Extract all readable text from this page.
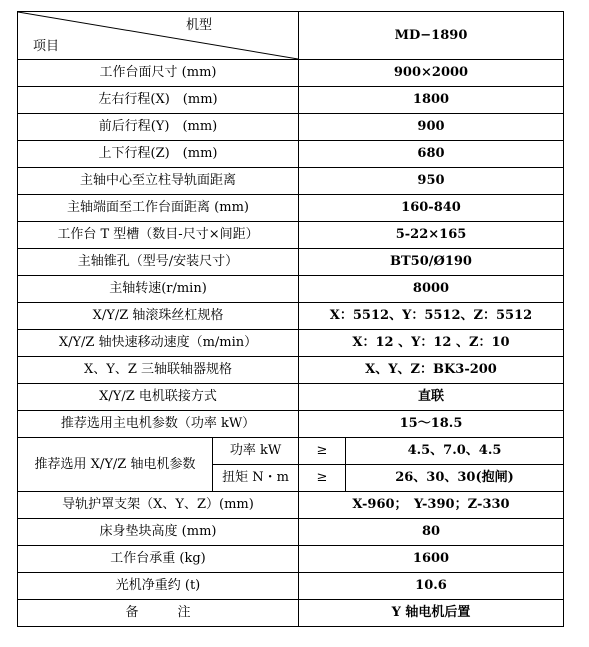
机型
项目		MD−1890	
工作台面尺寸 (mm)		900×2000	
左右行程(X)　(mm)		1800	
前后行程(Y)　(mm)		900	
上下行程(Z)　(mm)		680	
主轴中心至立柱导轨面距离		950	
主轴端面至工作台面距离 (mm)		160-840	
工作台 T 型槽（数目-尺寸×间距）		5-22×165	
主轴锥孔（型号/安装尺寸）		BT50/Ø190	
主轴转速(r/min)		8000	
X/Y/Z 轴滚珠丝杠规格		X：5512、Y：5512、Z：5512	
X/Y/Z 轴快速移动速度（m/min）		X：12 、Y：12 、Z：10	
X、Y、Z 三轴联轴器规格		X、Y、Z：BK3-200	
X/Y/Z 电机联接方式		直联	
推荐选用主电机参数（功率 kW）		15～18.5	
推荐选用 X/Y/Z 轴电机参数	功率 kW	≥	4.5、7.0、4.5
	扭矩 N・m	≥	26、30、30(抱闸)
导轨护罩支架（X、Y、Z）(mm)		X-960；　Y-390；Z-330	
床身垫块高度 (mm)		80	
工作台承重 (kg)		1600	
光机净重约 (t)		10.6	
备　　　注		Y 轴电机后置	
